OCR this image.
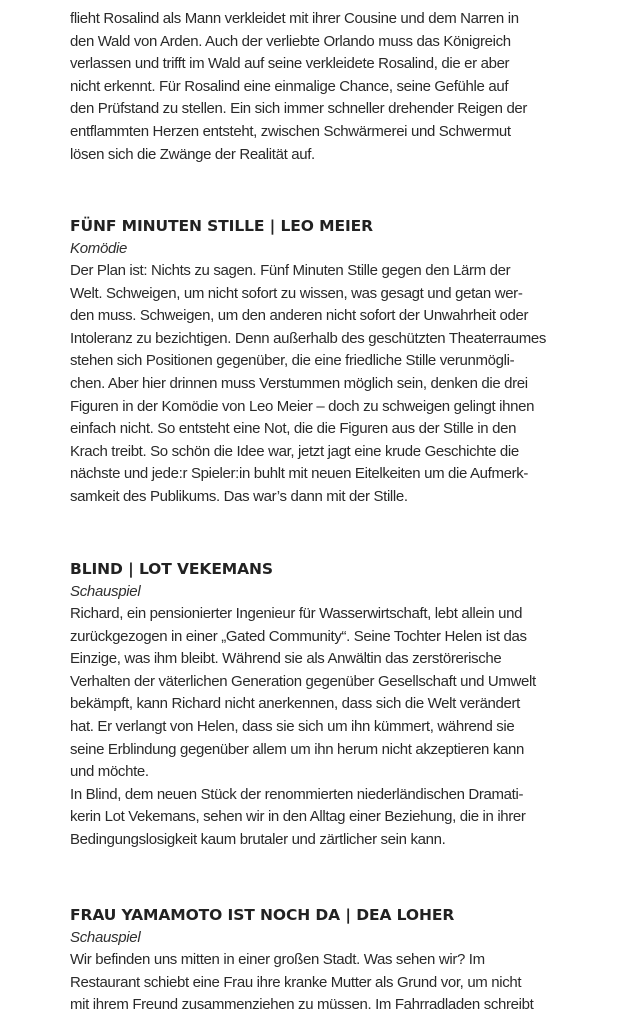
flieht Rosalind als Mann verkleidet mit ihrer Cousine und dem Narren in
den Wald von Arden. Auch der verliebte Orlando muss das Königreich
verlassen und trifft im Wald auf seine verkleidete Rosalind, die er aber
nicht erkennt. Für Rosalind eine einmalige Chance, seine Gefühle auf
den Prüfstand zu stellen. Ein sich immer schneller drehender Reigen der
entflammten Herzen entsteht, zwischen Schwärmerei und Schwermut
lösen sich die Zwänge der Realität auf.
FÜNF MINUTEN STILLE | LEO MEIER
Komödie
Der Plan ist: Nichts zu sagen. Fünf Minuten Stille gegen den Lärm der
Welt. Schweigen, um nicht sofort zu wissen, was gesagt und getan wer-
den muss. Schweigen, um den anderen nicht sofort der Unwahrheit oder
Intoleranz zu bezichtigen. Denn außerhalb des geschützten Theaterraumes
stehen sich Positionen gegenüber, die eine friedliche Stille verunmögli-
chen. Aber hier drinnen muss Verstummen möglich sein, denken die drei
Figuren in der Komödie von Leo Meier – doch zu schweigen gelingt ihnen
einfach nicht. So entsteht eine Not, die die Figuren aus der Stille in den
Krach treibt. So schön die Idee war, jetzt jagt eine krude Geschichte die
nächste und jede:r Spieler:in buhlt mit neuen Eitelkeiten um die Aufmerk-
samkeit des Publikums. Das war’s dann mit der Stille.
BLIND | LOT VEKEMANS
Schauspiel
Richard, ein pensionierter Ingenieur für Wasserwirtschaft, lebt allein und
zurückgezogen in einer „Gated Community“. Seine Tochter Helen ist das
Einzige, was ihm bleibt. Während sie als Anwältin das zerstörerische
Verhalten der väterlichen Generation gegenüber Gesellschaft und Umwelt
bekämpft, kann Richard nicht anerkennen, dass sich die Welt verändert
hat. Er verlangt von Helen, dass sie sich um ihn kümmert, während sie
seine Erblindung gegenüber allem um ihn herum nicht akzeptieren kann
und möchte.
In Blind, dem neuen Stück der renommierten niederländischen Dramati-
kerin Lot Vekemans, sehen wir in den Alltag einer Beziehung, die in ihrer
Bedingungslosigkeit kaum brutaler und zärtlicher sein kann.
FRAU YAMAMOTO IST NOCH DA | DEA LOHER
Schauspiel
Wir befinden uns mitten in einer großen Stadt. Was sehen wir? Im
Restaurant schiebt eine Frau ihre kranke Mutter als Grund vor, um nicht
mit ihrem Freund zusammenziehen zu müssen. Im Fahrradladen schreibt
